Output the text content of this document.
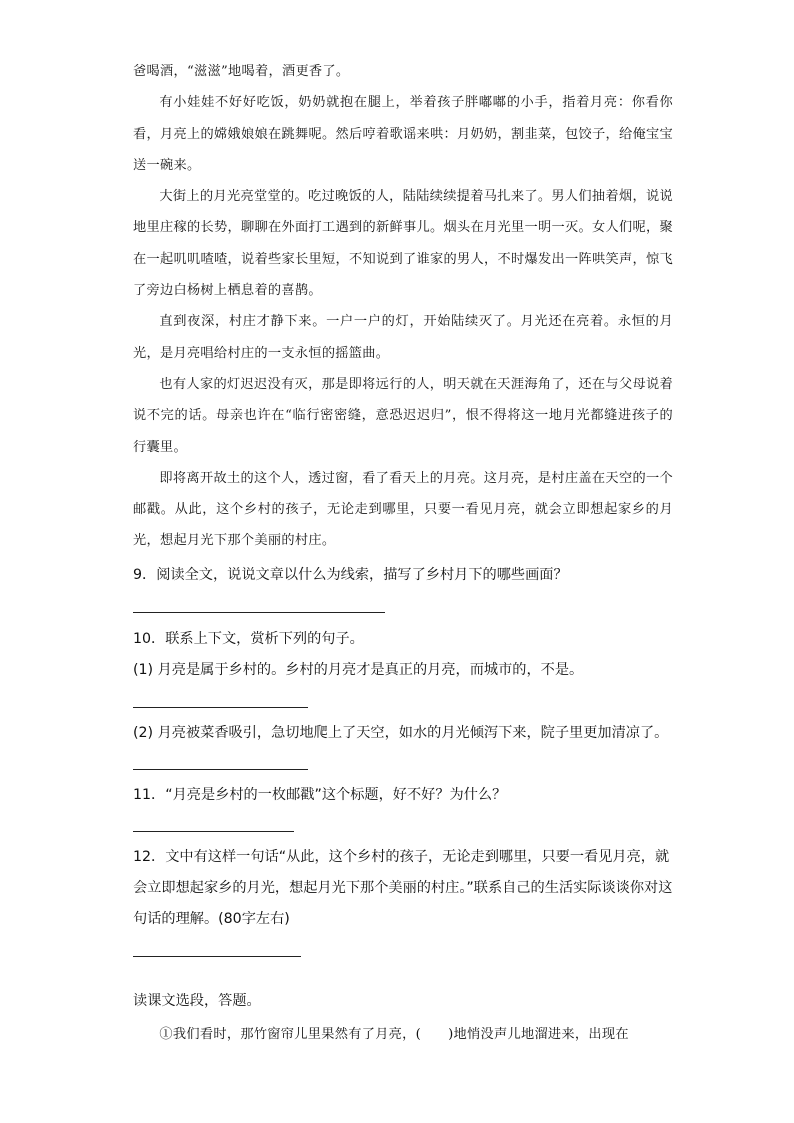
爸喝酒，“滋滋”地喝着，酒更香了。

有小娃娃不好好吃饭，奶奶就抱在腿上，举着孩子胖嘟嘟的小手，指着月亮：你看你看，月亮上的嫦娥娘娘在跳舞呢。然后哼着歌谣来哄：月奶奶，割韭菜，包饺子，给俺宝宝送一碗来。

大街上的月光亮堂堂的。吃过晚饭的人，陆陆续续提着马扎来了。男人们抽着烟，说说地里庄稼的长势，聊聊在外面打工遇到的新鲜事儿。烟头在月光里一明一灭。女人们呢，聚在一起叽叽喳喳，说着些家长里短，不知说到了谁家的男人，不时爆发出一阵哄笑声，惊飞了旁边白杨树上栖息着的喜鹊。

直到夜深，村庄才静下来。一户一户的灯，开始陆续灭了。月光还在亮着。永恒的月光，是月亮唱给村庄的一支永恒的摇篮曲。

也有人家的灯迟迟没有灭，那是即将远行的人，明天就在天涯海角了，还在与父母说着说不完的话。母亲也许在“临行密密缝，意恐迟迟归”，恨不得将这一地月光都缝进孩子的行囊里。

即将离开故土的这个人，透过窗，看了看天上的月亮。这月亮，是村庄盖在天空的一个邮戳。从此，这个乡村的孩子，无论走到哪里，只要一看见月亮，就会立即想起家乡的月光，想起月光下那个美丽的村庄。

9．阅读全文，说说文章以什么为线索，描写了乡村月下的哪些画面？

10．联系上下文，赏析下列的句子。

(1) 月亮是属于乡村的。乡村的月亮才是真正的月亮，而城市的，不是。

(2) 月亮被菜香吸引，急切地爬上了天空，如水的月光倾泻下来，院子里更加清凉了。

11．“月亮是乡村的一枚邮戳”这个标题，好不好？为什么？

12．文中有这样一句话“从此，这个乡村的孩子，无论走到哪里，只要一看见月亮，就会立即想起家乡的月光，想起月光下那个美丽的村庄。”联系自己的生活实际谈谈你对这句话的理解。(80字左右)

读课文选段，答题。

①我们看时，那竹窗帘儿里果然有了月亮，(　　)地悄没声儿地溜进来，出现在
